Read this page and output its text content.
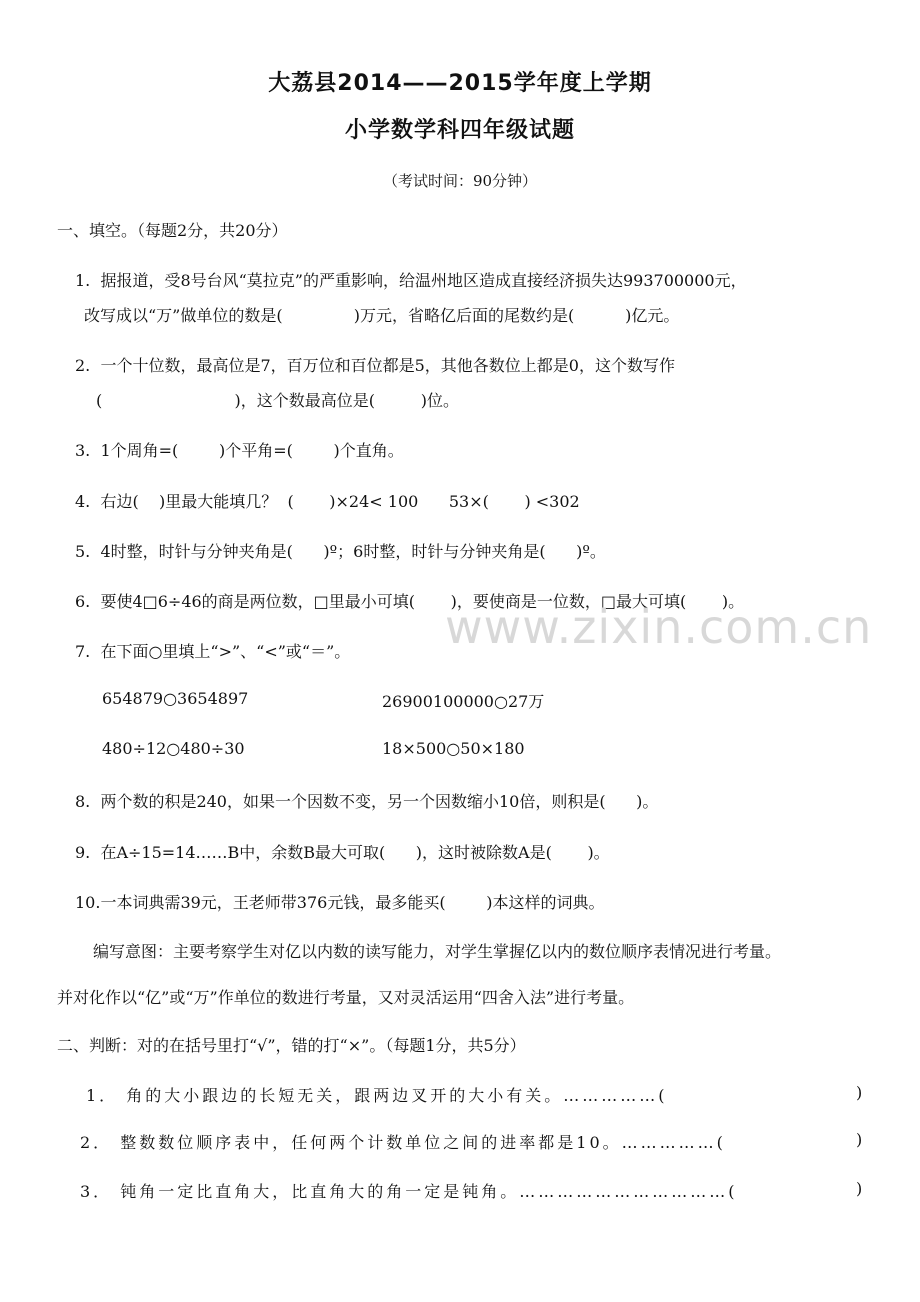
大荔县2014——2015学年度上学期
小学数学科四年级试题
（考试时间：90分钟）
一、填空。（每题2分，共20分）
1.  据报道，受8号台风“莫拉克”的严重影响，给温州地区造成直接经济损失达993700000元，
改写成以“万”做单位的数是(              )万元，省略亿后面的尾数约是(          )亿元。
2.  一个十位数，最高位是7，百万位和百位都是5，其他各数位上都是0，这个数写作
(                          )，这个数最高位是(         )位。
3.  1个周角=(        )个平角=(        )个直角。
4.  右边(    )里最大能填几？  (       )×24< 100      53×(       ) <302
5.  4时整，时针与分钟夹角是(      )º；6时整，时针与分钟夹角是(      )º。
6.  要使4□6÷46的商是两位数，□里最小可填(       )，要使商是一位数，□最大可填(       )。
7.  在下面○里填上“>”、“<”或“＝”。
654879○3654897	26900100000○27万
480÷12○480÷30	18×500○50×180
8.  两个数的积是240，如果一个因数不变，另一个因数缩小10倍，则积是(      )。
9.  在A÷15=14……B中，余数B最大可取(      )，这时被除数A是(       )。
10.一本词典需39元，王老师带376元钱，最多能买(        )本这样的词典。
编写意图：主要考察学生对亿以内数的读写能力，对学生掌握亿以内的数位顺序表情况进行考量。
并对化作以“亿”或“万”作单位的数进行考量，又对灵活运用“四舍入法”进行考量。
二、判断：对的在括号里打“√”，错的打“×”。（每题1分，共5分）
1． 角的大小跟边的长短无关，跟两边叉开的大小有关。……………(	)
2． 整数数位顺序表中，任何两个计数单位之间的进率都是10。……………(	)
3． 钝角一定比直角大，比直角大的角一定是钝角。……………………………(	)
www.zixin.com.cn
